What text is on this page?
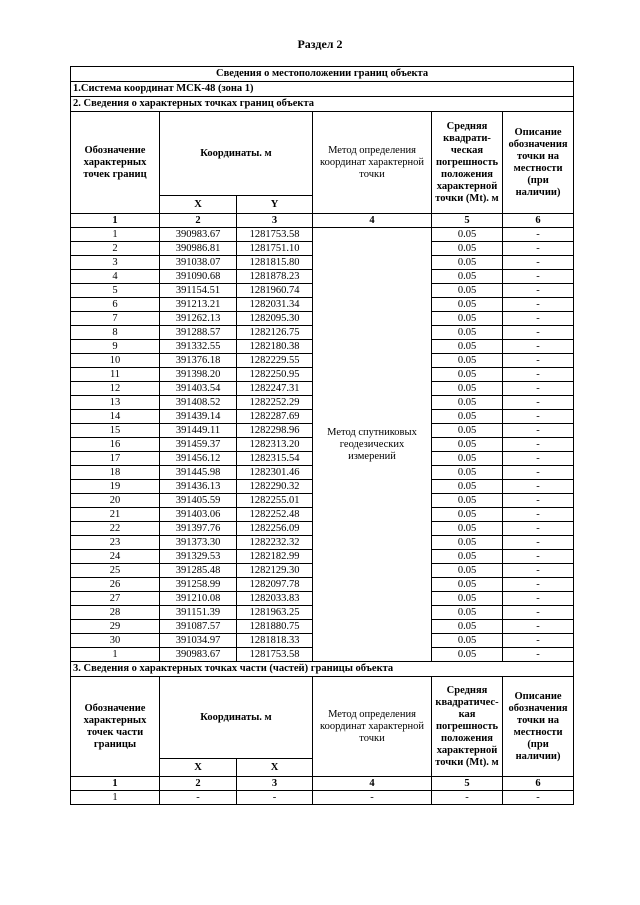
Раздел 2
Сведения о местоположении границ объекта					
1.Система координат МСК-48 (зона 1)					
2. Сведения о характерных точках границ объекта					
Обозначение характерных точек границ	Координаты. м		Метод определения координат характерной точки	Средняя квадрати-ческая погрешность положения характерной точки (Mt). м	Описание обозначения точки на местности (при наличии)
	X	Y			
1	2	3	4	5	6
1	390983.67	1281753.58	Метод спутниковых геодезических измерений	0.05	-
2	390986.81	1281751.10		0.05	-
3	391038.07	1281815.80		0.05	-
4	391090.68	1281878.23		0.05	-
5	391154.51	1281960.74		0.05	-
6	391213.21	1282031.34		0.05	-
7	391262.13	1282095.30		0.05	-
8	391288.57	1282126.75		0.05	-
9	391332.55	1282180.38		0.05	-
10	391376.18	1282229.55		0.05	-
11	391398.20	1282250.95		0.05	-
12	391403.54	1282247.31		0.05	-
13	391408.52	1282252.29		0.05	-
14	391439.14	1282287.69		0.05	-
15	391449.11	1282298.96		0.05	-
16	391459.37	1282313.20		0.05	-
17	391456.12	1282315.54		0.05	-
18	391445.98	1282301.46		0.05	-
19	391436.13	1282290.32		0.05	-
20	391405.59	1282255.01		0.05	-
21	391403.06	1282252.48		0.05	-
22	391397.76	1282256.09		0.05	-
23	391373.30	1282232.32		0.05	-
24	391329.53	1282182.99		0.05	-
25	391285.48	1282129.30		0.05	-
26	391258.99	1282097.78		0.05	-
27	391210.08	1282033.83		0.05	-
28	391151.39	1281963.25		0.05	-
29	391087.57	1281880.75		0.05	-
30	391034.97	1281818.33		0.05	-
1	390983.67	1281753.58		0.05	-
3. Сведения о характерных точках части (частей) границы объекта					
Обозначение характерных точек части границы	Координаты. м		Метод определения координат характерной точки	Средняя квадратичес-кая погрешность положения характерной точки (Mt). м	Описание обозначения точки на местности (при наличии)
	X	X			
1	2	3	4	5	6
1	-	-	-	-	-
